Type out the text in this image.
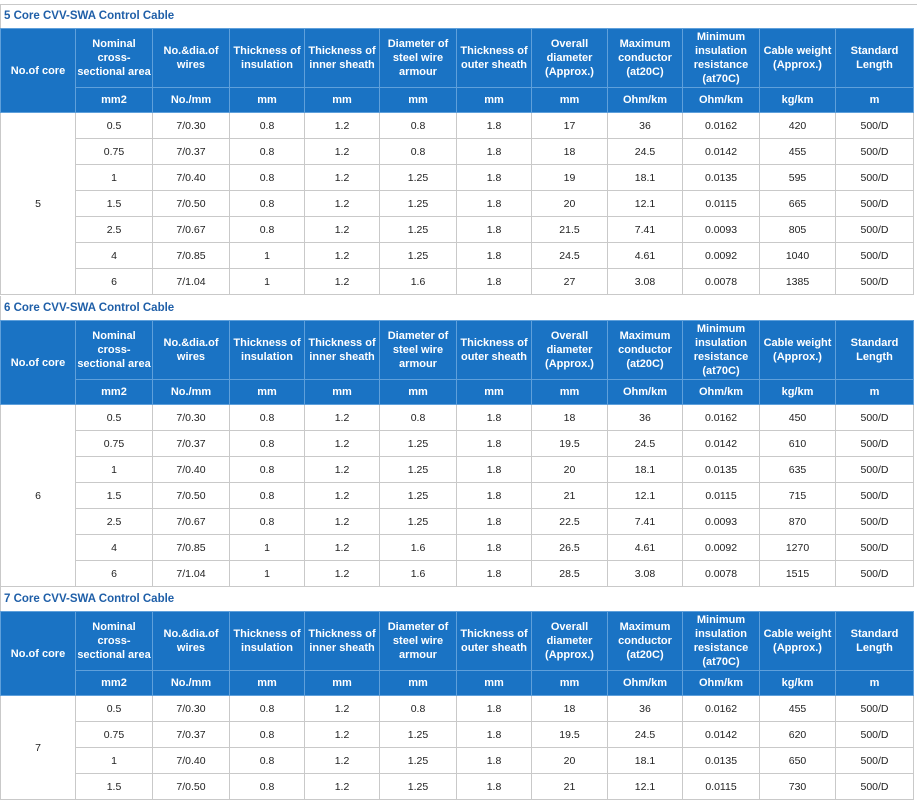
5 Core CVV-SWA Control Cable
No.of core	Nominal cross-sectional area	No.&dia.of wires	Thickness of insulation	Thickness of inner sheath	Diameter of steel wire armour	Thickness of outer sheath	Overall diameter (Approx.)	Maximum conductor (at20C)	Minimum insulation resistance (at70C)	Cable weight (Approx.)	Standard Length
	mm2	No./mm	mm	mm	mm	mm	mm	Ohm/km	Ohm/km	kg/km	m
5	0.5	7/0.30	0.8	1.2	0.8	1.8	17	36	0.0162	420	500/D
	0.75	7/0.37	0.8	1.2	0.8	1.8	18	24.5	0.0142	455	500/D
	1	7/0.40	0.8	1.2	1.25	1.8	19	18.1	0.0135	595	500/D
	1.5	7/0.50	0.8	1.2	1.25	1.8	20	12.1	0.0115	665	500/D
	2.5	7/0.67	0.8	1.2	1.25	1.8	21.5	7.41	0.0093	805	500/D
	4	7/0.85	1	1.2	1.25	1.8	24.5	4.61	0.0092	1040	500/D
	6	7/1.04	1	1.2	1.6	1.8	27	3.08	0.0078	1385	500/D
6 Core CVV-SWA Control Cable
No.of core	Nominal cross-sectional area	No.&dia.of wires	Thickness of insulation	Thickness of inner sheath	Diameter of steel wire armour	Thickness of outer sheath	Overall diameter (Approx.)	Maximum conductor (at20C)	Minimum insulation resistance (at70C)	Cable weight (Approx.)	Standard Length
	mm2	No./mm	mm	mm	mm	mm	mm	Ohm/km	Ohm/km	kg/km	m
6	0.5	7/0.30	0.8	1.2	0.8	1.8	18	36	0.0162	450	500/D
	0.75	7/0.37	0.8	1.2	1.25	1.8	19.5	24.5	0.0142	610	500/D
	1	7/0.40	0.8	1.2	1.25	1.8	20	18.1	0.0135	635	500/D
	1.5	7/0.50	0.8	1.2	1.25	1.8	21	12.1	0.0115	715	500/D
	2.5	7/0.67	0.8	1.2	1.25	1.8	22.5	7.41	0.0093	870	500/D
	4	7/0.85	1	1.2	1.6	1.8	26.5	4.61	0.0092	1270	500/D
	6	7/1.04	1	1.2	1.6	1.8	28.5	3.08	0.0078	1515	500/D
7 Core CVV-SWA Control Cable
No.of core	Nominal cross-sectional area	No.&dia.of wires	Thickness of insulation	Thickness of inner sheath	Diameter of steel wire armour	Thickness of outer sheath	Overall diameter (Approx.)	Maximum conductor (at20C)	Minimum insulation resistance (at70C)	Cable weight (Approx.)	Standard Length
	mm2	No./mm	mm	mm	mm	mm	mm	Ohm/km	Ohm/km	kg/km	m
7	0.5	7/0.30	0.8	1.2	0.8	1.8	18	36	0.0162	455	500/D
	0.75	7/0.37	0.8	1.2	1.25	1.8	19.5	24.5	0.0142	620	500/D
	1	7/0.40	0.8	1.2	1.25	1.8	20	18.1	0.0135	650	500/D
	1.5	7/0.50	0.8	1.2	1.25	1.8	21	12.1	0.0115	730	500/D
